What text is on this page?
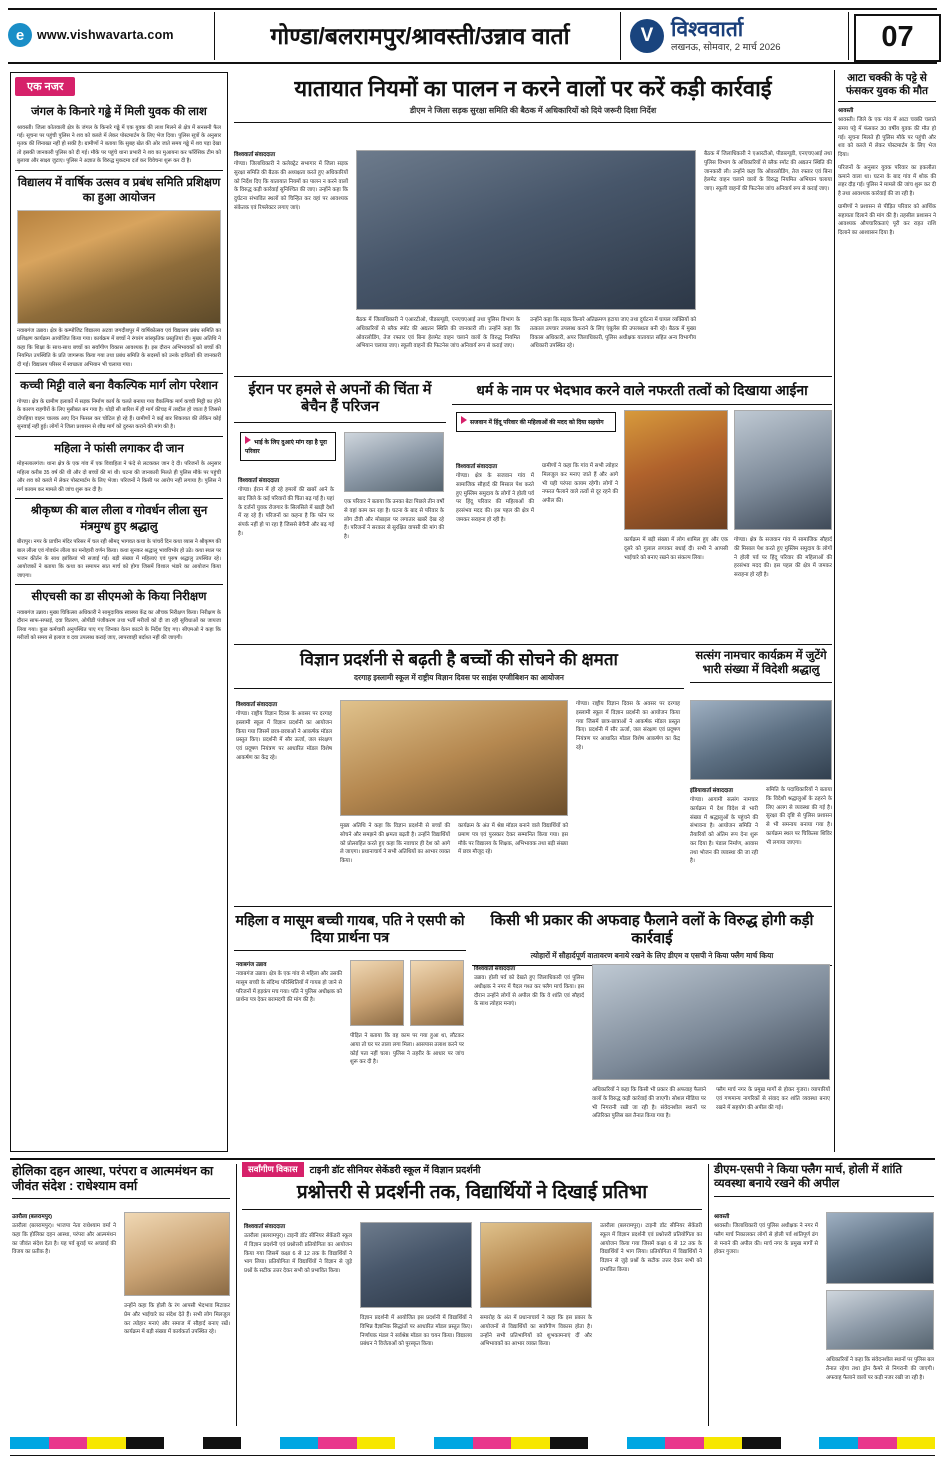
e	www.vishwavarta.com	गोण्डा/बलरामपुर/श्रावस्ती/उन्नाव वार्ता	V विश्ववार्ता
लखनऊ, सोमवार, 2 मार्च 2026	07
एक नजर
जंगल के किनारे गढ्ढे में मिली युवक की लाश
श्रावस्ती। जिला कोतवाली क्षेत्र के जंगल के किनारे गढ्ढे में एक युवक की लाश मिलने से क्षेत्र में सनसनी फैल गई। सूचना पर पहुंची पुलिस ने शव को कब्जे में लेकर पोस्टमार्टम के लिए भेज दिया। पुलिस सूत्रों के अनुसार मृतक की शिनाख्त नहीं हो सकी है। ग्रामीणों ने बताया कि सुबह खेत की ओर जाते समय गढ्ढे में शव पड़ा देखा तो इसकी जानकारी पुलिस को दी गई। मौके पर पहुंचे थाना प्रभारी ने शव का मुआयना कर फॉरेंसिक टीम को बुलाया और साक्ष्य जुटाए। पुलिस ने अज्ञात के विरुद्ध मुकदमा दर्ज कर विवेचना शुरू कर दी है।
विद्यालय में वार्षिक उत्सव व प्रबंध समिति प्रशिक्षण का हुआ आयोजन
नवाबगंज उन्नाव। क्षेत्र के कम्पोजिट विद्यालय अटवा जगदीशपुर में वार्षिकोत्सव एवं विद्यालय प्रबंध समिति का प्रशिक्षण कार्यक्रम आयोजित किया गया। कार्यक्रम में बच्चों ने रंगारंग सांस्कृतिक प्रस्तुतियां दीं। मुख्य अतिथि ने कहा कि शिक्षा के साथ-साथ बच्चों का सर्वांगीण विकास आवश्यक है। इस दौरान अभिभावकों को बच्चों की नियमित उपस्थिति के प्रति जागरूक किया गया तथा प्रबंध समिति के सदस्यों को उनके दायित्वों की जानकारी दी गई। विद्यालय परिसर में स्वच्छता अभियान भी चलाया गया।
कच्ची मिट्टी वाले बना वैकल्पिक मार्ग लोग परेशान
गोण्डा। क्षेत्र के ग्रामीण इलाकों में सड़क निर्माण कार्य के चलते बनाया गया वैकल्पिक मार्ग कच्ची मिट्टी का होने के कारण राहगीरों के लिए मुसीबत बन गया है। थोड़ी सी बारिश में ही मार्ग कीचड़ में तब्दील हो जाता है जिससे दोपहिया वाहन चालक आए दिन फिसल कर चोटिल हो रहे हैं। ग्रामीणों ने कई बार शिकायत की लेकिन कोई सुनवाई नहीं हुई। लोगों ने जिला प्रशासन से शीघ्र मार्ग को दुरुस्त कराने की मांग की है।
महिला ने फांसी लगाकर दी जान
मोहनलालगंज। थाना क्षेत्र के एक गांव में एक विवाहिता ने फंदे से लटककर जान दे दी। परिजनों के अनुसार महिला करीब 35 वर्ष की थी और दो बच्चों की मां थी। घटना की जानकारी मिलते ही पुलिस मौके पर पहुंची और शव को कब्जे में लेकर पोस्टमार्टम के लिए भेजा। परिजनों ने किसी पर आरोप नहीं लगाया है। पुलिस ने मर्ग कायम कर मामले की जांच शुरू कर दी है।
श्रीकृष्ण की बाल लीला व गोवर्धन लीला सुन मंत्रमुग्ध हुए श्रद्धालु
बीरापुर। नगर के प्राचीन मंदिर परिसर में चल रही श्रीमद् भागवत कथा के पांचवें दिन कथा व्यास ने श्रीकृष्ण की बाल लीला एवं गोवर्धन लीला का मनोहारी वर्णन किया। कथा सुनकर श्रद्धालु भावविभोर हो उठे। कथा स्थल पर भजन कीर्तन के साथ झांकियां भी सजाई गईं। बड़ी संख्या में महिलाएं एवं पुरुष श्रद्धालु उपस्थित रहे। आयोजकों ने बताया कि कथा का समापन सात मार्च को होगा जिसमें विशाल भंडारे का आयोजन किया जाएगा।
सीएचसी का डा सीएमओ के किया निरीक्षण
नवाबगंज उन्नाव। मुख्य चिकित्सा अधिकारी ने सामुदायिक स्वास्थ्य केंद्र का औचक निरीक्षण किया। निरीक्षण के दौरान साफ-सफाई, दवा वितरण, ओपीडी पंजीकरण तथा भर्ती मरीजों को दी जा रही सुविधाओं का जायजा लिया गया। कुछ कर्मचारी अनुपस्थित पाए गए जिनका वेतन काटने के निर्देश दिए गए। सीएमओ ने कहा कि मरीजों को समय से इलाज व दवा उपलब्ध कराई जाए, लापरवाही बर्दाश्त नहीं की जाएगी।
यातायात नियमों का पालन न करने वालों पर करें कड़ी कार्रवाई
डीएम ने जिला सड़क सुरक्षा समिति की बैठक में अधिकारियों को दिये जरूरी दिशा निर्देश
विश्ववार्ता संवाददाता
गोण्डा। जिलाधिकारी ने कलेक्ट्रेट सभागार में जिला सड़क सुरक्षा समिति की बैठक की अध्यक्षता करते हुए अधिकारियों को निर्देश दिए कि यातायात नियमों का पालन न करने वालों के विरुद्ध कड़ी कार्रवाई सुनिश्चित की जाए। उन्होंने कहा कि दुर्घटना संभावित स्थलों को चिन्हित कर वहां पर आवश्यक संकेतक एवं रिफ्लेक्टर लगाए जाएं।
बैठक में जिलाधिकारी ने एआरटीओ, पीडब्ल्यूडी, एनएचएआई तथा पुलिस विभाग के अधिकारियों से ब्लैक स्पॉट की अद्यतन स्थिति की जानकारी ली। उन्होंने कहा कि ओवरलोडिंग, तेज रफ्तार एवं बिना हेलमेट वाहन चलाने वालों के विरुद्ध नियमित अभियान चलाया जाए। स्कूली वाहनों की फिटनेस जांच अनिवार्य रूप से कराई जाए।
उन्होंने कहा कि सड़क किनारे अतिक्रमण हटाया जाए तथा दुर्घटना में घायल व्यक्तियों को तत्काल उपचार उपलब्ध कराने के लिए एंबुलेंस की उपलब्धता बनी रहे। बैठक में मुख्य विकास अधिकारी, अपर जिलाधिकारी, पुलिस अधीक्षक यातायात सहित अन्य विभागीय अधिकारी उपस्थित रहे।
बैठक में जिलाधिकारी ने एआरटीओ, पीडब्ल्यूडी, एनएचएआई तथा पुलिस विभाग के अधिकारियों से ब्लैक स्पॉट की अद्यतन स्थिति की जानकारी ली। उन्होंने कहा कि ओवरलोडिंग, तेज रफ्तार एवं बिना हेलमेट वाहन चलाने वालों के विरुद्ध नियमित अभियान चलाया जाए। स्कूली वाहनों की फिटनेस जांच अनिवार्य रूप से कराई जाए।
ईरान पर हमले से अपनों की चिंता में बेचैन हैं परिजन
भाई के लिए दुआएं मांग रहा है पूरा परिवार
विश्ववार्ता संवाददाता
गोण्डा। ईरान में हो रहे हमलों की खबरें आने के बाद जिले के कई परिवारों की चिंता बढ़ गई है। यहां के दर्जनों युवक रोजगार के सिलसिले में खाड़ी देशों में रह रहे हैं। परिजनों का कहना है कि फोन पर संपर्क नहीं हो पा रहा है जिससे बेचैनी और बढ़ गई है।
एक परिवार ने बताया कि उनका बेटा पिछले तीन वर्षों से वहां काम कर रहा है। घटना के बाद से परिवार के लोग टीवी और मोबाइल पर लगातार खबरें देख रहे हैं। परिजनों ने सरकार से सुरक्षित वापसी की मांग की है।
धर्म के नाम पर भेदभाव करने वाले नफरती तत्वों को दिखाया आईना
सजवान में हिंदू परिवार की महिलाओं की मदद को दिया सहयोग
विश्ववार्ता संवाददाता
गोण्डा। क्षेत्र के सजवान गांव में सामाजिक सौहार्द की मिसाल पेश करते हुए मुस्लिम समुदाय के लोगों ने होली पर्व पर हिंदू परिवार की महिलाओं की हरसंभव मदद की। इस पहल की क्षेत्र में जमकर सराहना हो रही है।
ग्रामीणों ने कहा कि गांव में सभी त्योहार मिलजुल कर मनाए जाते हैं और आगे भी यही परंपरा कायम रहेगी। लोगों ने नफरत फैलाने वाले तत्वों से दूर रहने की अपील की।
कार्यक्रम में बड़ी संख्या में लोग शामिल हुए और एक दूसरे को गुलाल लगाकर बधाई दी। सभी ने आपसी भाईचारे को बनाए रखने का संकल्प लिया।
गोण्डा। क्षेत्र के सजवान गांव में सामाजिक सौहार्द की मिसाल पेश करते हुए मुस्लिम समुदाय के लोगों ने होली पर्व पर हिंदू परिवार की महिलाओं की हरसंभव मदद की। इस पहल की क्षेत्र में जमकर सराहना हो रही है।
विज्ञान प्रदर्शनी से बढ़ती है बच्चों की सोचने की क्षमता
दरगाह इस्लामी स्कूल में राष्ट्रीय विज्ञान दिवस पर साइंस एग्जीबिशन का आयोजन
विश्ववार्ता संवाददाता
गोण्डा। राष्ट्रीय विज्ञान दिवस के अवसर पर दरगाह इस्लामी स्कूल में विज्ञान प्रदर्शनी का आयोजन किया गया जिसमें छात्र-छात्राओं ने आकर्षक मॉडल प्रस्तुत किए। प्रदर्शनी में सौर ऊर्जा, जल संरक्षण एवं प्रदूषण नियंत्रण पर आधारित मॉडल विशेष आकर्षण का केंद्र रहे।
मुख्य अतिथि ने कहा कि विज्ञान प्रदर्शनी से बच्चों की सोचने और समझने की क्षमता बढ़ती है। उन्होंने विद्यार्थियों को प्रोत्साहित करते हुए कहा कि नवाचार ही देश को आगे ले जाएगा। प्रधानाचार्य ने सभी अतिथियों का आभार व्यक्त किया।
कार्यक्रम के अंत में श्रेष्ठ मॉडल बनाने वाले विद्यार्थियों को प्रमाण पत्र एवं पुरस्कार देकर सम्मानित किया गया। इस मौके पर विद्यालय के शिक्षक, अभिभावक तथा बड़ी संख्या में छात्र मौजूद रहे।
गोण्डा। राष्ट्रीय विज्ञान दिवस के अवसर पर दरगाह इस्लामी स्कूल में विज्ञान प्रदर्शनी का आयोजन किया गया जिसमें छात्र-छात्राओं ने आकर्षक मॉडल प्रस्तुत किए। प्रदर्शनी में सौर ऊर्जा, जल संरक्षण एवं प्रदूषण नियंत्रण पर आधारित मॉडल विशेष आकर्षण का केंद्र रहे।
सत्संग नामचार कार्यक्रम में जुटेंगे भारी संख्या में विदेशी श्रद्धालु
इंडियावार्ता संवाददाता
गोण्डा। आगामी सत्संग नामचार कार्यक्रम में देश विदेश से भारी संख्या में श्रद्धालुओं के पहुंचने की संभावना है। आयोजन समिति ने तैयारियों को अंतिम रूप देना शुरू कर दिया है। पंडाल निर्माण, आवास तथा भोजन की व्यवस्था की जा रही है।
समिति के पदाधिकारियों ने बताया कि विदेशी श्रद्धालुओं के ठहरने के लिए अलग से व्यवस्था की गई है। सुरक्षा की दृष्टि से पुलिस प्रशासन से भी समन्वय बनाया गया है। कार्यक्रम स्थल पर चिकित्सा शिविर भी लगाया जाएगा।
महिला व मासूम बच्ची गायब, पति ने एसपी को दिया प्रार्थना पत्र
नवाबगंज उन्नाव
नवाबगंज उन्नाव। क्षेत्र के एक गांव से महिला और उसकी मासूम बच्ची के संदिग्ध परिस्थितियों में गायब हो जाने से परिजनों में हड़कंप मच गया। पति ने पुलिस अधीक्षक को प्रार्थना पत्र देकर बरामदगी की मांग की है।
पीड़ित ने बताया कि वह काम पर गया हुआ था, लौटकर आया तो घर पर ताला लगा मिला। आसपास तलाश करने पर कोई पता नहीं चला। पुलिस ने तहरीर के आधार पर जांच शुरू कर दी है।
किसी भी प्रकार की अफवाह फैलाने वलों के विरुद्ध होगी कड़ी कार्रवाई
त्योहारों में सौहार्दपूर्ण वातावरण बनाये रखने के लिए डीएम व एसपी ने किया फ्लैग मार्च किया
विश्ववार्ता संवाददाता
उन्नाव। होली पर्व को देखते हुए जिलाधिकारी एवं पुलिस अधीक्षक ने नगर में पैदल गश्त कर फ्लैग मार्च किया। इस दौरान उन्होंने लोगों से अपील की कि वे शांति एवं सौहार्द के साथ त्योहार मनाएं।
अधिकारियों ने कहा कि किसी भी प्रकार की अफवाह फैलाने वालों के विरुद्ध कड़ी कार्रवाई की जाएगी। सोशल मीडिया पर भी निगरानी रखी जा रही है। संवेदनशील स्थानों पर अतिरिक्त पुलिस बल तैनात किया गया है।
फ्लैग मार्च नगर के प्रमुख मार्गों से होकर गुजरा। व्यापारियों एवं गणमान्य नागरिकों से संवाद कर शांति व्यवस्था बनाए रखने में सहयोग की अपील की गई।
आटा चक्की के पट्टे से फंसकर युवक की मौत
श्रावस्ती
श्रावस्ती। जिले के एक गांव में आटा चक्की चलाते समय पट्टे में फंसकर 30 वर्षीय युवक की मौत हो गई। सूचना मिलते ही पुलिस मौके पर पहुंची और शव को कब्जे में लेकर पोस्टमार्टम के लिए भेज दिया।
परिजनों के अनुसार युवक परिवार का इकलौता कमाने वाला था। घटना के बाद गांव में शोक की लहर दौड़ गई। पुलिस ने मामले की जांच शुरू कर दी है तथा आवश्यक कार्रवाई की जा रही है।
ग्रामीणों ने प्रशासन से पीड़ित परिवार को आर्थिक सहायता दिलाने की मांग की है। तहसील प्रशासन ने आवश्यक औपचारिकताएं पूरी कर राहत राशि दिलाने का आश्वासन दिया है।
होलिका दहन आस्था, परंपरा व आत्ममंथन का जीवंत संदेश : राधेश्याम वर्मा
उतरौला (बलरामपुर)
उतरौला (बलरामपुर)। भाजपा नेता राधेश्याम वर्मा ने कहा कि होलिका दहन आस्था, परंपरा और आत्ममंथन का जीवंत संदेश देता है। यह पर्व बुराई पर अच्छाई की विजय का प्रतीक है।
उन्होंने कहा कि होली के रंग आपसी भेदभाव मिटाकर प्रेम और भाईचारे का संदेश देते हैं। सभी लोग मिलजुल कर त्योहार मनाएं और समाज में सौहार्द बनाए रखें। कार्यक्रम में बड़ी संख्या में कार्यकर्ता उपस्थित रहे।
सर्वांगीण विकास	टाइनी डॉट सीनियर सेकेंडरी स्कूल में विज्ञान प्रदर्शनी
प्रश्नोत्तरी से प्रदर्शनी तक, विद्यार्थियों ने दिखाई प्रतिभा
विश्ववार्ता संवाददाता
उतरौला (बलरामपुर)। टाइनी डॉट सीनियर सेकेंडरी स्कूल में विज्ञान प्रदर्शनी एवं प्रश्नोत्तरी प्रतियोगिता का आयोजन किया गया जिसमें कक्षा 6 से 12 तक के विद्यार्थियों ने भाग लिया। प्रतियोगिता में विद्यार्थियों ने विज्ञान से जुड़े प्रश्नों के सटीक उत्तर देकर सभी को प्रभावित किया।
विज्ञान प्रदर्शनी में आयोजित इस प्रदर्शनी में विद्यार्थियों ने विभिन्न वैज्ञानिक सिद्धांतों पर आधारित मॉडल प्रस्तुत किए। निर्णायक मंडल ने सर्वश्रेष्ठ मॉडल का चयन किया। विद्यालय प्रबंधन ने विजेताओं को पुरस्कृत किया।
समारोह के अंत में प्रधानाचार्य ने कहा कि इस प्रकार के आयोजनों से विद्यार्थियों का सर्वांगीण विकास होता है। उन्होंने सभी प्रतिभागियों को शुभकामनाएं दीं और अभिभावकों का आभार व्यक्त किया।
उतरौला (बलरामपुर)। टाइनी डॉट सीनियर सेकेंडरी स्कूल में विज्ञान प्रदर्शनी एवं प्रश्नोत्तरी प्रतियोगिता का आयोजन किया गया जिसमें कक्षा 6 से 12 तक के विद्यार्थियों ने भाग लिया। प्रतियोगिता में विद्यार्थियों ने विज्ञान से जुड़े प्रश्नों के सटीक उत्तर देकर सभी को प्रभावित किया।
डीएम-एसपी ने किया फ्लैग मार्च, होली में शांति व्यवस्था बनाये रखने की अपील
श्रावस्ती
श्रावस्ती। जिलाधिकारी एवं पुलिस अधीक्षक ने नगर में फ्लैग मार्च निकालकर लोगों से होली पर्व शांतिपूर्ण ढंग से मनाने की अपील की। मार्च नगर के प्रमुख मार्गों से होकर गुजरा।
अधिकारियों ने कहा कि संवेदनशील स्थानों पर पुलिस बल तैनात रहेगा तथा ड्रोन कैमरे से निगरानी की जाएगी। अफवाह फैलाने वालों पर कड़ी नजर रखी जा रही है।
